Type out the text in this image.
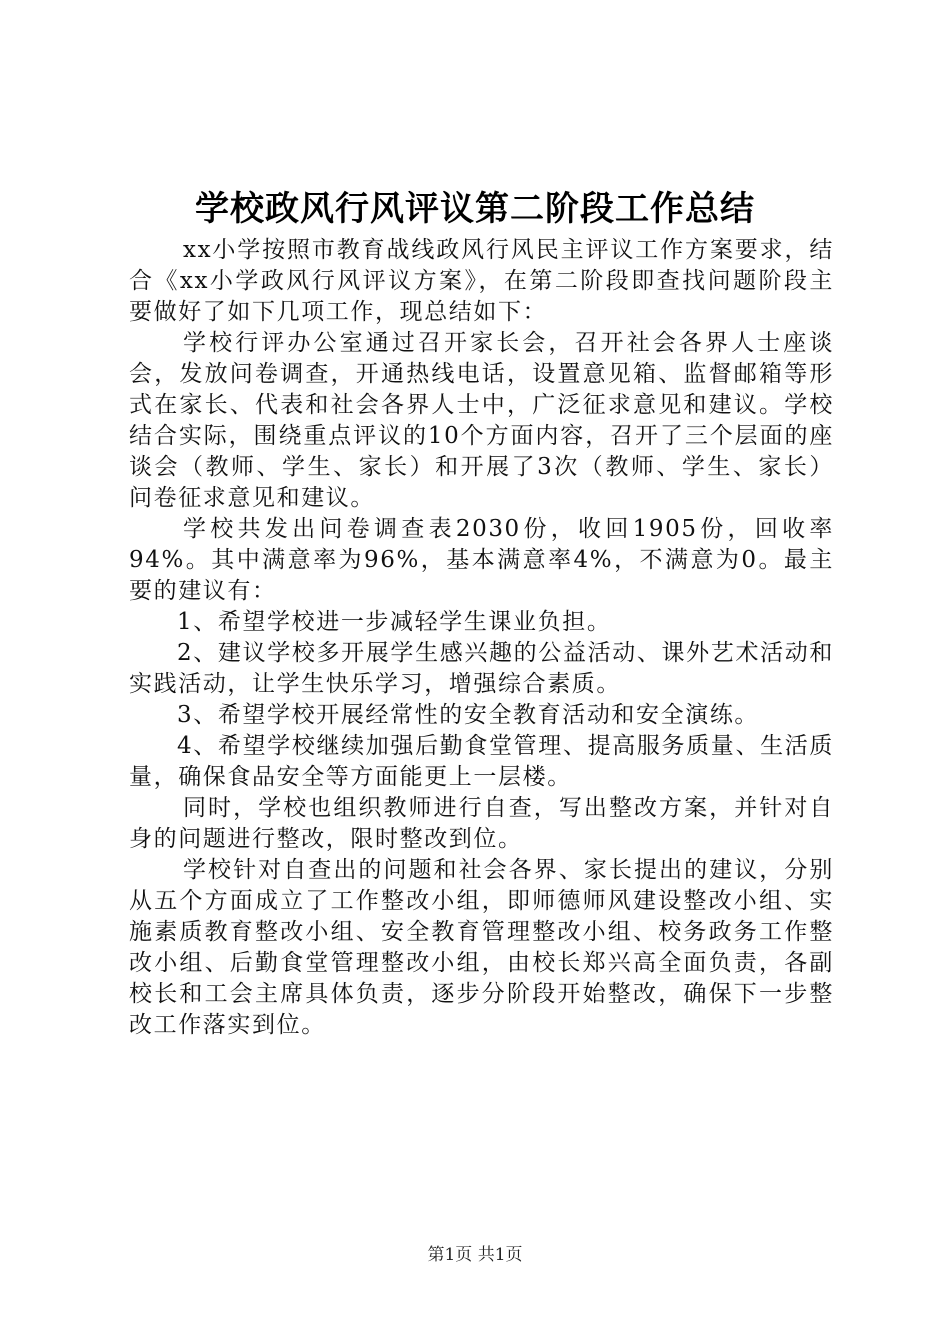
学校政风行风评议第二阶段工作总结

xx小学按照市教育战线政风行风民主评议工作方案要求，结合《xx小学政风行风评议方案》，在第二阶段即查找问题阶段主要做好了如下几项工作，现总结如下：

学校行评办公室通过召开家长会，召开社会各界人士座谈会，发放问卷调查，开通热线电话，设置意见箱、监督邮箱等形式在家长、代表和社会各界人士中，广泛征求意见和建议。学校结合实际，围绕重点评议的10个方面内容，召开了三个层面的座谈会（教师、学生、家长）和开展了3次（教师、学生、家长）问卷征求意见和建议。

学校共发出问卷调查表2030份，收回1905份，回收率94%。其中满意率为96%，基本满意率4%，不满意为0。最主要的建议有：

1、希望学校进一步减轻学生课业负担。

2、建议学校多开展学生感兴趣的公益活动、课外艺术活动和实践活动，让学生快乐学习，增强综合素质。

3、希望学校开展经常性的安全教育活动和安全演练。

4、希望学校继续加强后勤食堂管理、提高服务质量、生活质量，确保食品安全等方面能更上一层楼。

同时，学校也组织教师进行自查，写出整改方案，并针对自身的问题进行整改，限时整改到位。

学校针对自查出的问题和社会各界、家长提出的建议，分别从五个方面成立了工作整改小组，即师德师风建设整改小组、实施素质教育整改小组、安全教育管理整改小组、校务政务工作整改小组、后勤食堂管理整改小组，由校长郑兴高全面负责，各副校长和工会主席具体负责，逐步分阶段开始整改，确保下一步整改工作落实到位。

第1页 共1页
